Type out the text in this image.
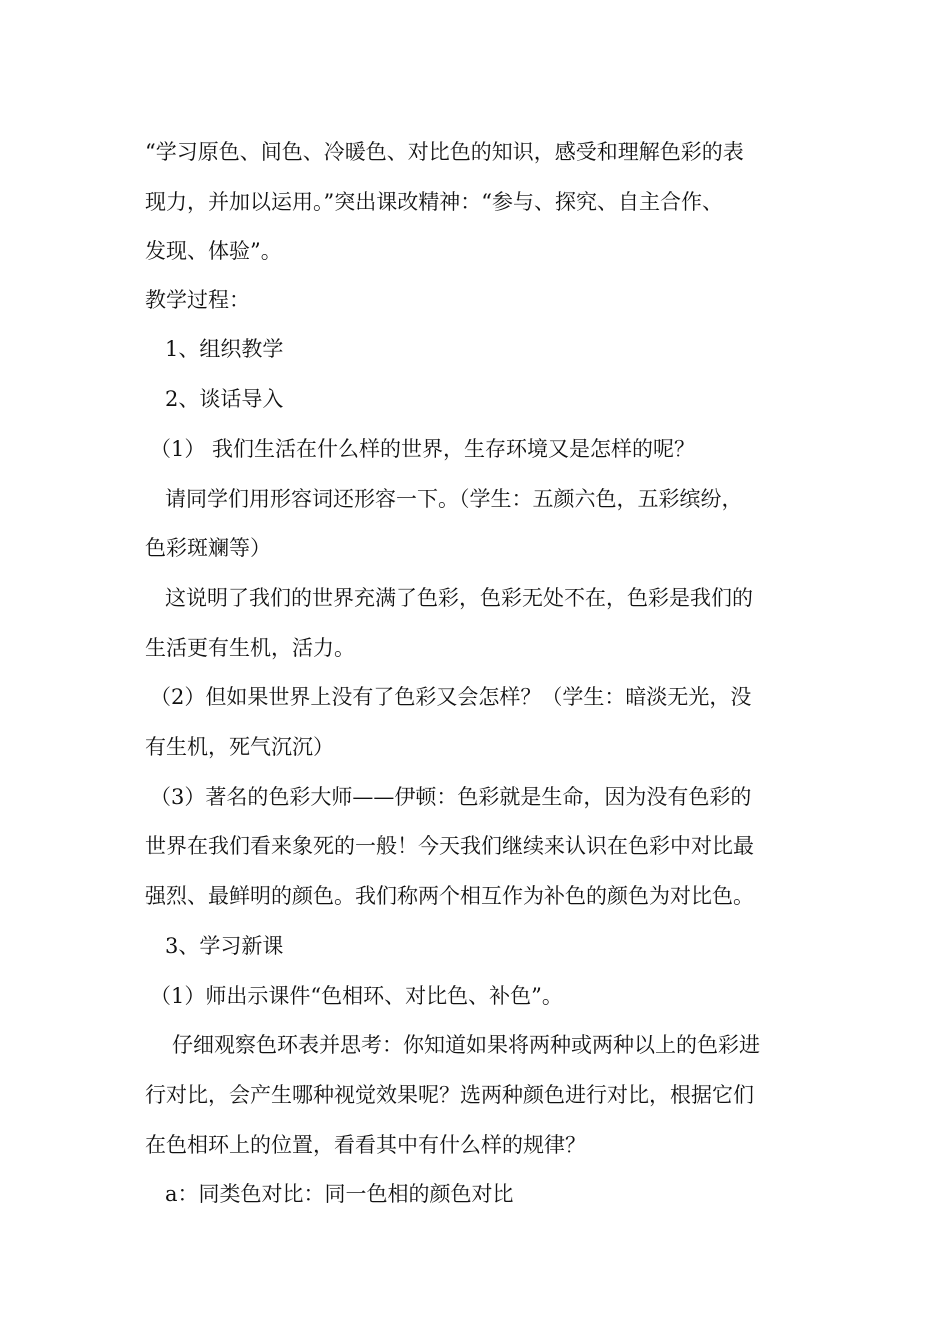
“学习原色、间色、冷暖色、对比色的知识，感受和理解色彩的表
现力，并加以运用。”突出课改精神：“参与、探究、自主合作、
发现、体验”。
教学过程：
1、组织教学
2、谈话导入
（1） 我们生活在什么样的世界，生存环境又是怎样的呢？
请同学们用形容词还形容一下。（学生：五颜六色，五彩缤纷，
色彩斑斓等）
这说明了我们的世界充满了色彩，色彩无处不在，色彩是我们的
生活更有生机，活力。
（2）但如果世界上没有了色彩又会怎样？（学生：暗淡无光，没
有生机，死气沉沉）
（3）著名的色彩大师——伊顿：色彩就是生命，因为没有色彩的
世界在我们看来象死的一般！今天我们继续来认识在色彩中对比最
强烈、最鲜明的颜色。我们称两个相互作为补色的颜色为对比色。
3、学习新课
（1）师出示课件“色相环、对比色、补色”。
仔细观察色环表并思考：你知道如果将两种或两种以上的色彩进
行对比，会产生哪种视觉效果呢？选两种颜色进行对比，根据它们
在色相环上的位置，看看其中有什么样的规律？
a：同类色对比：同一色相的颜色对比
